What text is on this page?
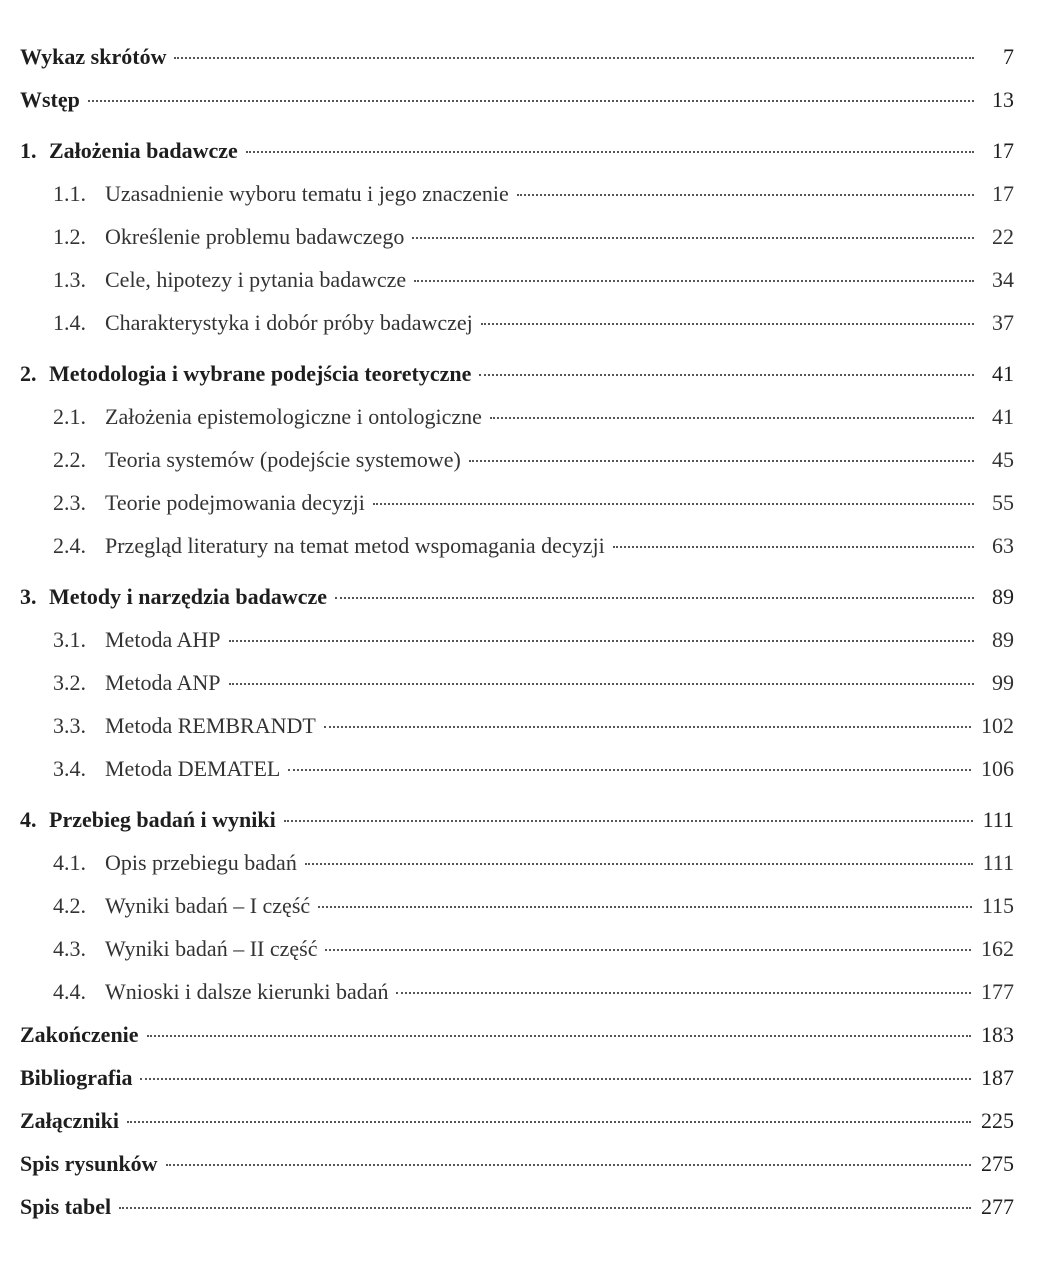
Wykaz skrótów	7
Wstęp	13
1. Założenia badawcze	17
1.1. Uzasadnienie wyboru tematu i jego znaczenie	17
1.2. Określenie problemu badawczego	22
1.3. Cele, hipotezy i pytania badawcze	34
1.4. Charakterystyka i dobór próby badawczej	37
2. Metodologia i wybrane podejścia teoretyczne	41
2.1. Założenia epistemologiczne i ontologiczne	41
2.2. Teoria systemów (podejście systemowe)	45
2.3. Teorie podejmowania decyzji	55
2.4. Przegląd literatury na temat metod wspomagania decyzji	63
3. Metody i narzędzia badawcze	89
3.1. Metoda AHP	89
3.2. Metoda ANP	99
3.3. Metoda REMBRANDT	102
3.4. Metoda DEMATEL	106
4. Przebieg badań i wyniki	111
4.1. Opis przebiegu badań	111
4.2. Wyniki badań – I część	115
4.3. Wyniki badań – II część	162
4.4. Wnioski i dalsze kierunki badań	177
Zakończenie	183
Bibliografia	187
Załączniki	225
Spis rysunków	275
Spis tabel	277
